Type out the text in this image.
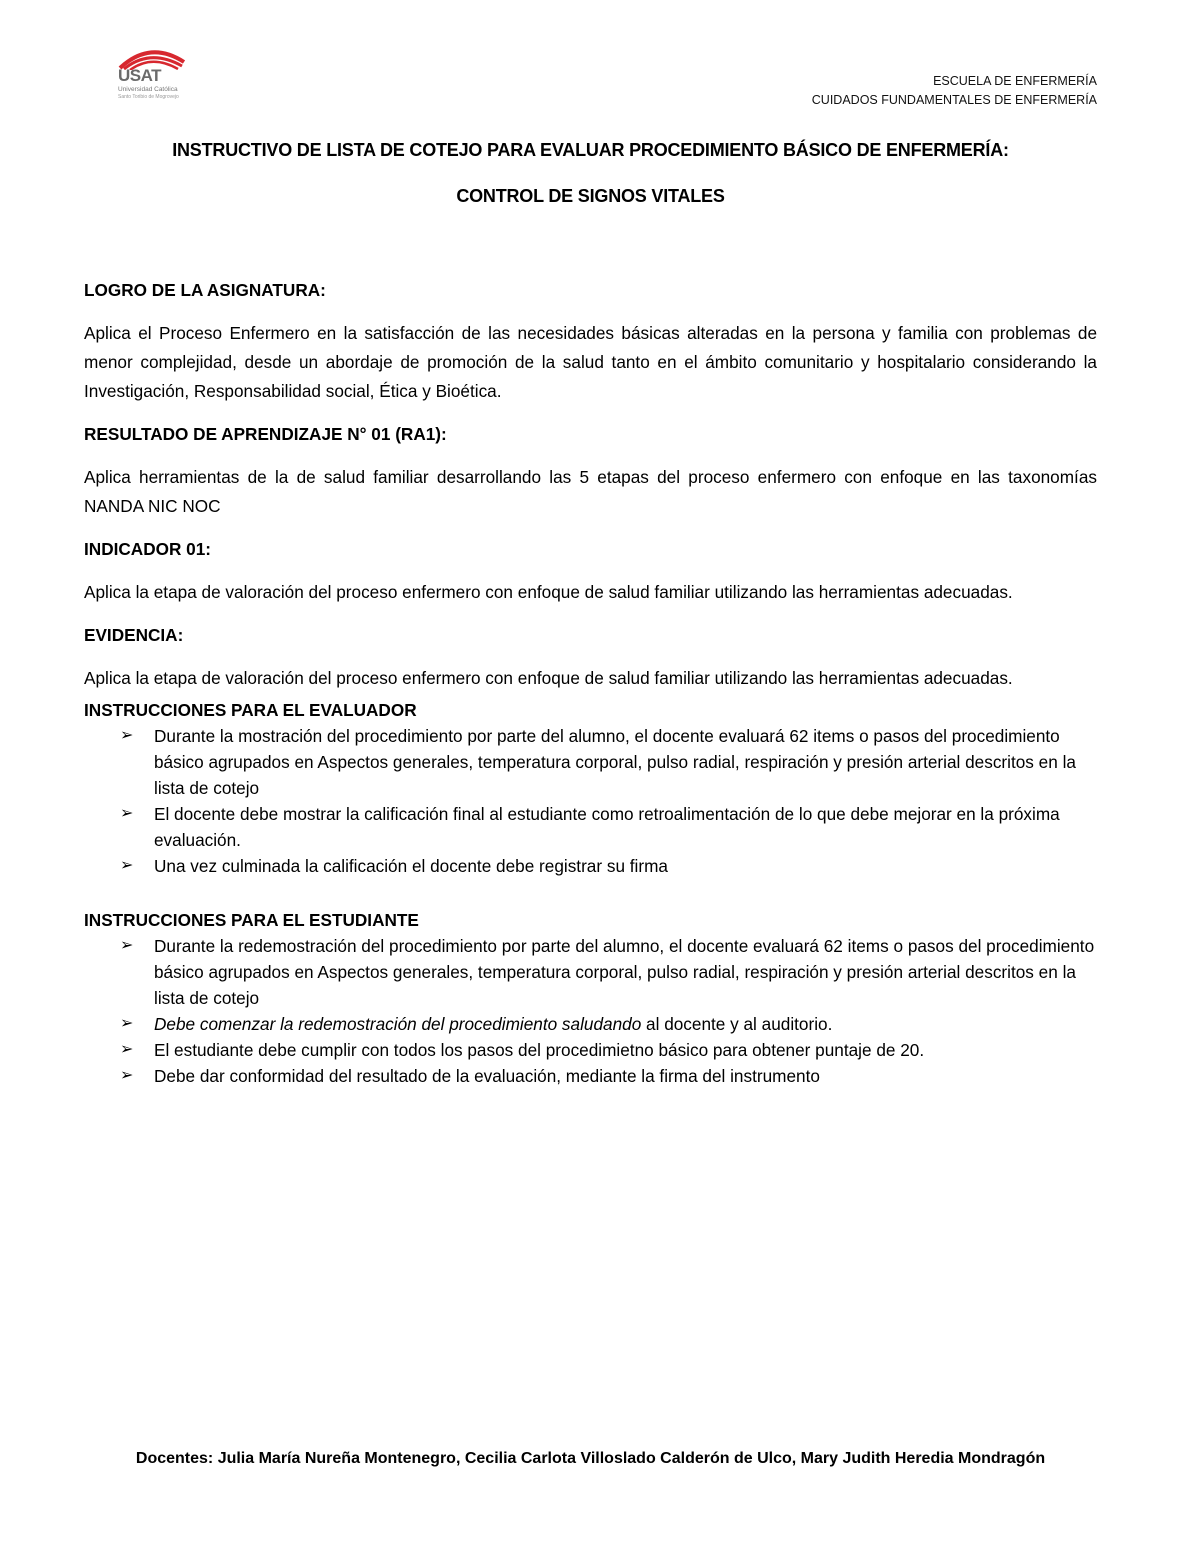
USAT
Universidad Católica
Santo Toribio de Mogrovejo
ESCUELA DE ENFERMERÍA
CUIDADOS FUNDAMENTALES DE ENFERMERÍA
INSTRUCTIVO DE LISTA DE COTEJO PARA EVALUAR PROCEDIMIENTO BÁSICO DE ENFERMERÍA:
CONTROL DE SIGNOS VITALES

LOGRO DE LA ASIGNATURA:

Aplica el Proceso Enfermero en la satisfacción de las necesidades básicas alteradas en la persona y familia con problemas de menor complejidad, desde un abordaje de promoción de la salud tanto en el ámbito comunitario y hospitalario considerando la Investigación, Responsabilidad social, Ética y Bioética.

RESULTADO DE APRENDIZAJE N° 01 (RA1):

Aplica herramientas de la de salud familiar desarrollando las 5 etapas del proceso enfermero con enfoque en las taxonomías NANDA NIC NOC

INDICADOR 01:

Aplica la etapa de valoración del proceso enfermero con enfoque de salud familiar utilizando las herramientas adecuadas.

EVIDENCIA:

Aplica la etapa de valoración del proceso enfermero con enfoque de salud familiar utilizando las herramientas adecuadas.

INSTRUCCIONES PARA EL EVALUADOR

➢ Durante la mostración del procedimiento por parte del alumno, el docente evaluará 62 items o pasos del procedimiento básico agrupados en Aspectos generales, temperatura corporal, pulso radial, respiración y presión arterial descritos en la lista de cotejo
➢ El docente debe mostrar la calificación final al estudiante como retroalimentación de lo que debe mejorar en la próxima evaluación.
➢ Una vez culminada la calificación el docente debe registrar su firma

INSTRUCCIONES PARA EL ESTUDIANTE

➢ Durante la redemostración del procedimiento por parte del alumno, el docente evaluará 62 items o pasos del procedimiento básico agrupados en Aspectos generales, temperatura corporal, pulso radial, respiración y presión arterial descritos en la lista de cotejo
➢ Debe comenzar la redemostración del procedimiento saludando al docente y al auditorio.
➢ El estudiante debe cumplir con todos los pasos del procedimietno básico para obtener puntaje de 20.
➢ Debe dar conformidad del resultado de la evaluación, mediante la firma del instrumento
Docentes: Julia María Nureña Montenegro, Cecilia Carlota Villoslado Calderón de Ulco, Mary Judith Heredia Mondragón
